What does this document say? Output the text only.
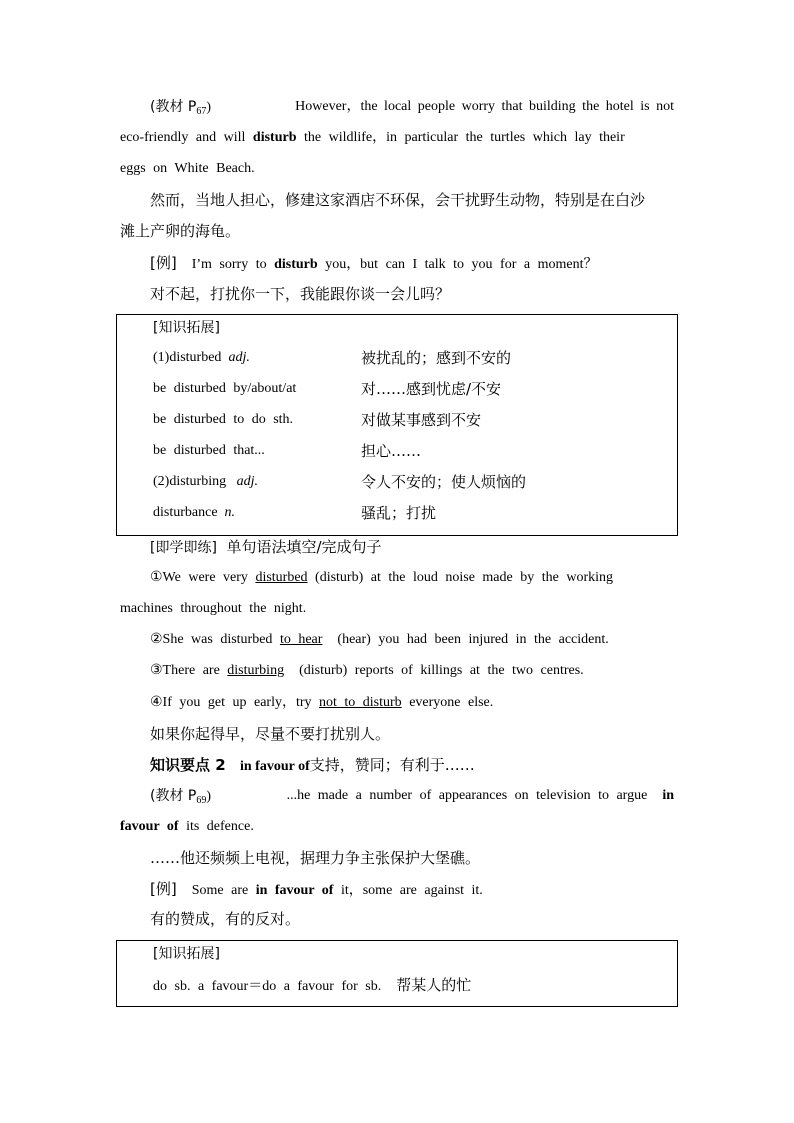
(教材 $P_{67}$)	However，the local people worry that building the hotel is not
eco-friendly and will disturb the wildlife，in particular the turtles which lay their
eggs on White Beach.
然而，当地人担心，修建这家酒店不环保，会干扰野生动物，特别是在白沙
滩上产卵的海龟。
[例] I’m sorry to disturb you，but can I talk to you for a moment？
对不起，打扰你一下，我能跟你谈一会儿吗？
[知识拓展]
(1)disturbed adj.	被扰乱的；感到不安的
be disturbed by/about/at	对……感到忧虑/不安
be disturbed to do sth.	对做某事感到不安
be disturbed that...	担心……
(2)disturbing adj.	令人不安的；使人烦恼的
disturbance n.	骚乱；打扰
[即学即练] 单句语法填空/完成句子
①We were very disturbed (disturb) at the loud noise made by the working
machines throughout the night.
②She was disturbed to hear (hear) you had been injured in the accident.
③There are disturbing (disturb) reports of killings at the two centres.
④If you get up early，try not to disturb everyone else.
如果你起得早，尽量不要打扰别人。
知识要点 2 in favour of支持，赞同；有利于……
(教材 $P_{69}$)	...he made a number of appearances on television to argue in
favour of its defence.
……他还频频上电视，据理力争主张保护大堡礁。
[例] Some are in favour of it，some are against it.
有的赞成，有的反对。
[知识拓展]
do sb. a favour＝do a favour for sb. 帮某人的忙
